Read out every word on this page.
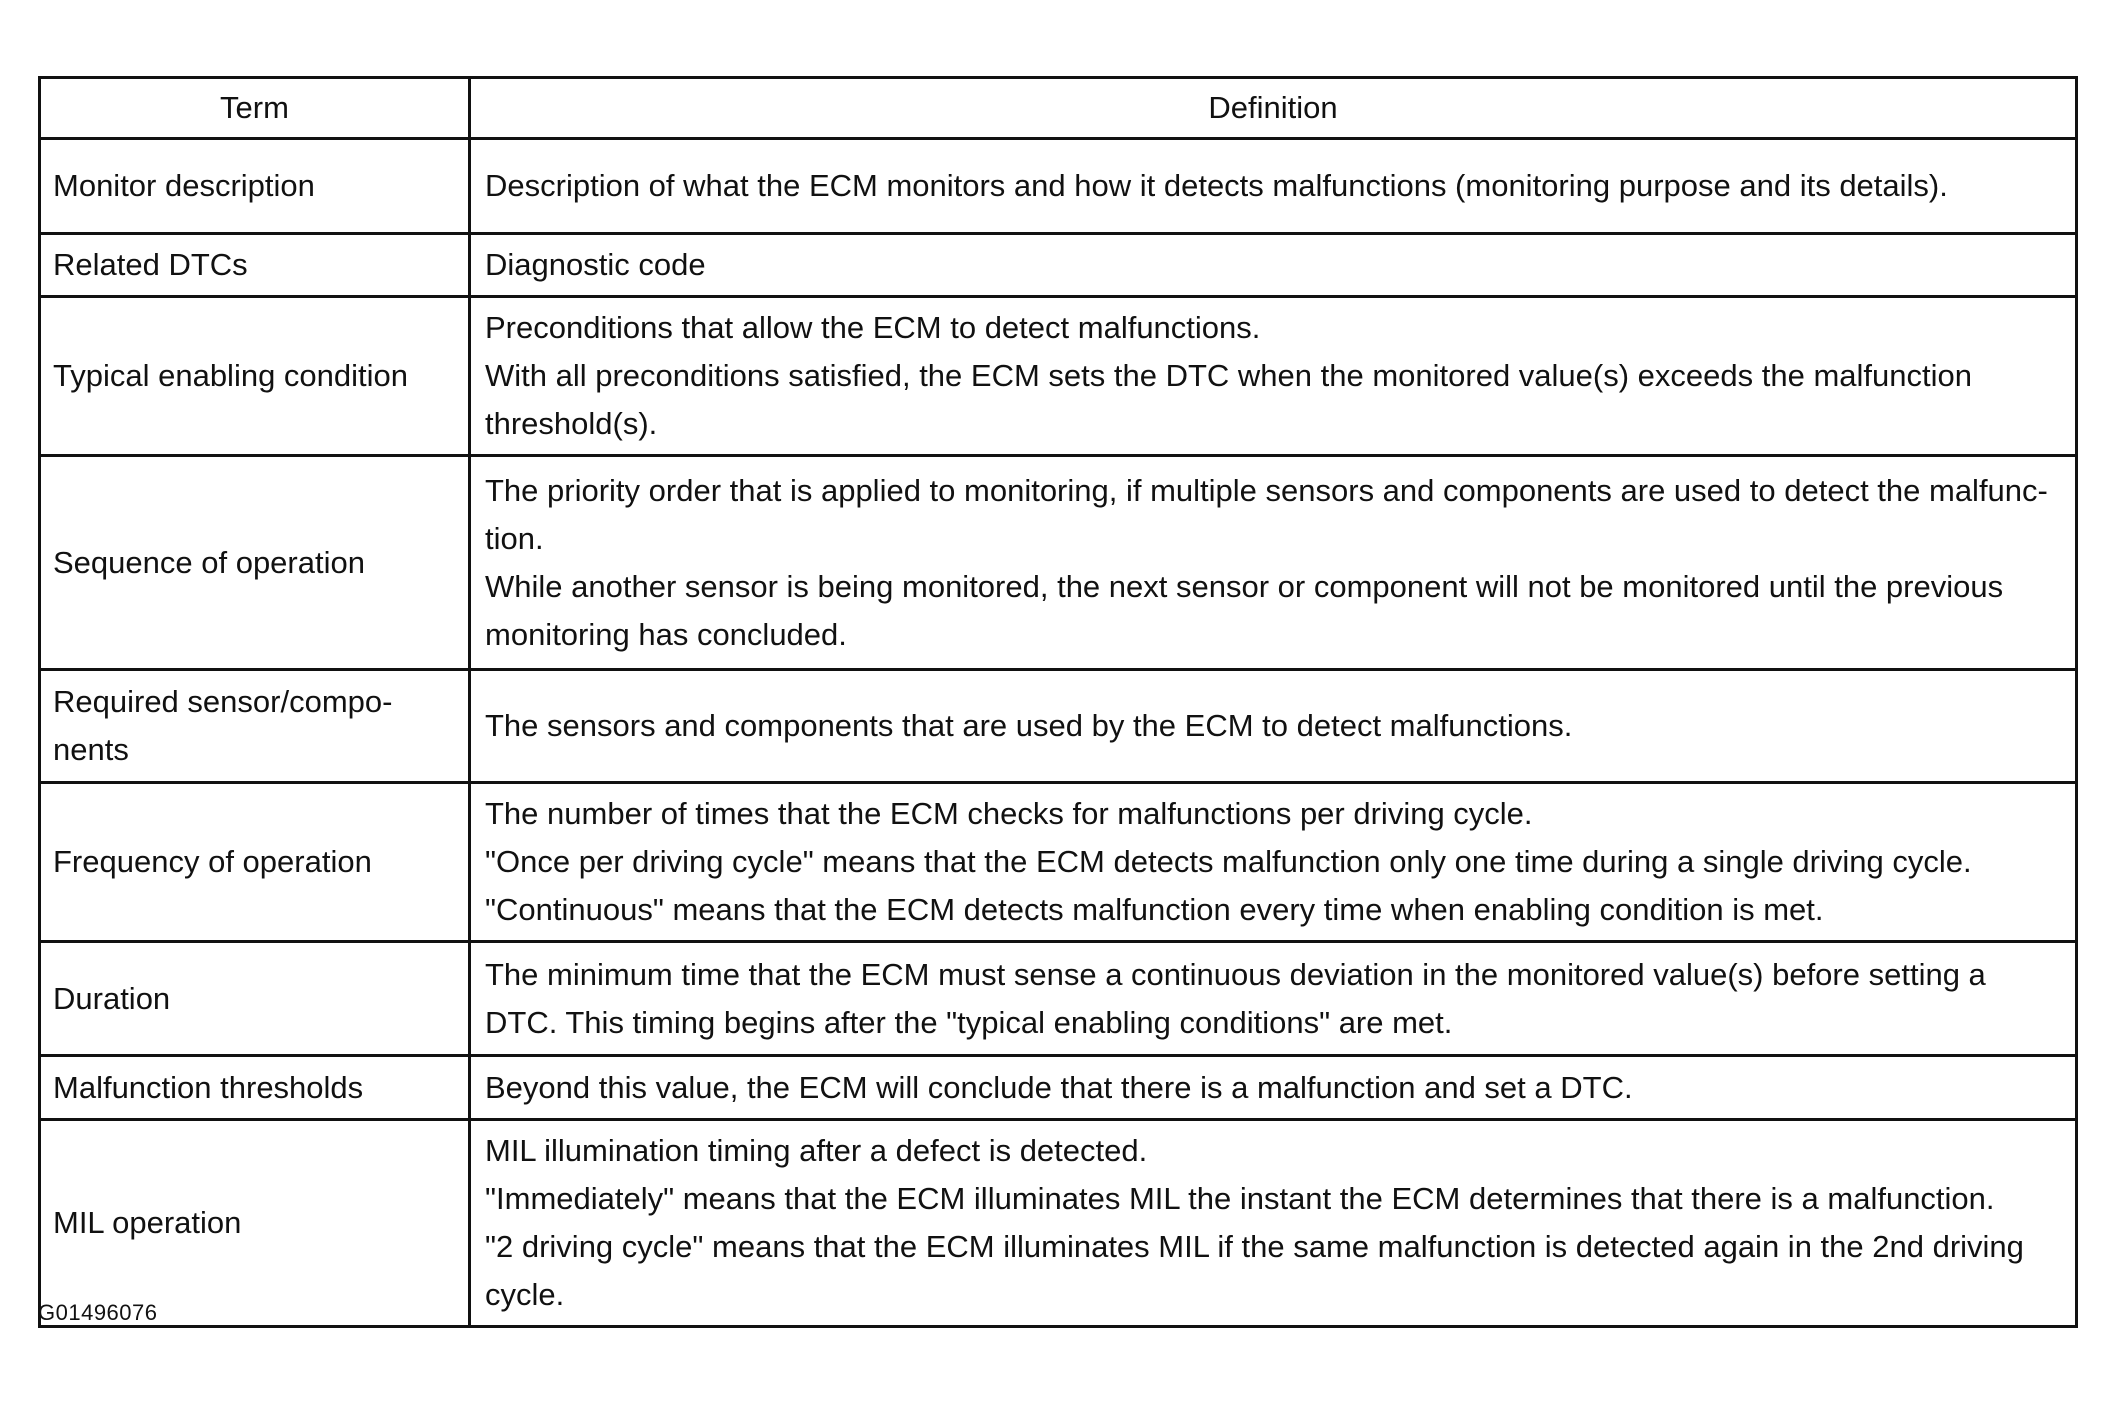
Term	Definition
Monitor description	Description of what the ECM monitors and how it detects malfunctions (monitoring purpose and its details).

Related DTCs	Diagnostic code

Typical enabling condition	Preconditions that allow the ECM to detect malfunctions.
With all preconditions satisfied, the ECM sets the DTC when the monitored value(s) exceeds the malfunction threshold(s).

Sequence of operation	The priority order that is applied to monitoring, if multiple sensors and components are used to detect the malfunc-tion.
While another sensor is being monitored, the next sensor or component will not be monitored until the previous monitoring has concluded.

Required sensor/compo-nents	The sensors and components that are used by the ECM to detect malfunctions.

Frequency of operation	The number of times that the ECM checks for malfunctions per driving cycle.
"Once per driving cycle" means that the ECM detects malfunction only one time during a single driving cycle.
"Continuous" means that the ECM detects malfunction every time when enabling condition is met.

Duration	The minimum time that the ECM must sense a continuous deviation in the monitored value(s) before setting a DTC. This timing begins after the "typical enabling conditions" are met.

Malfunction thresholds	Beyond this value, the ECM will conclude that there is a malfunction and set a DTC.

MIL operation	MIL illumination timing after a defect is detected.
"Immediately" means that the ECM illuminates MIL the instant the ECM determines that there is a malfunction.
"2 driving cycle" means that the ECM illuminates MIL if the same malfunction is detected again in the 2nd driving cycle.
G01496076
